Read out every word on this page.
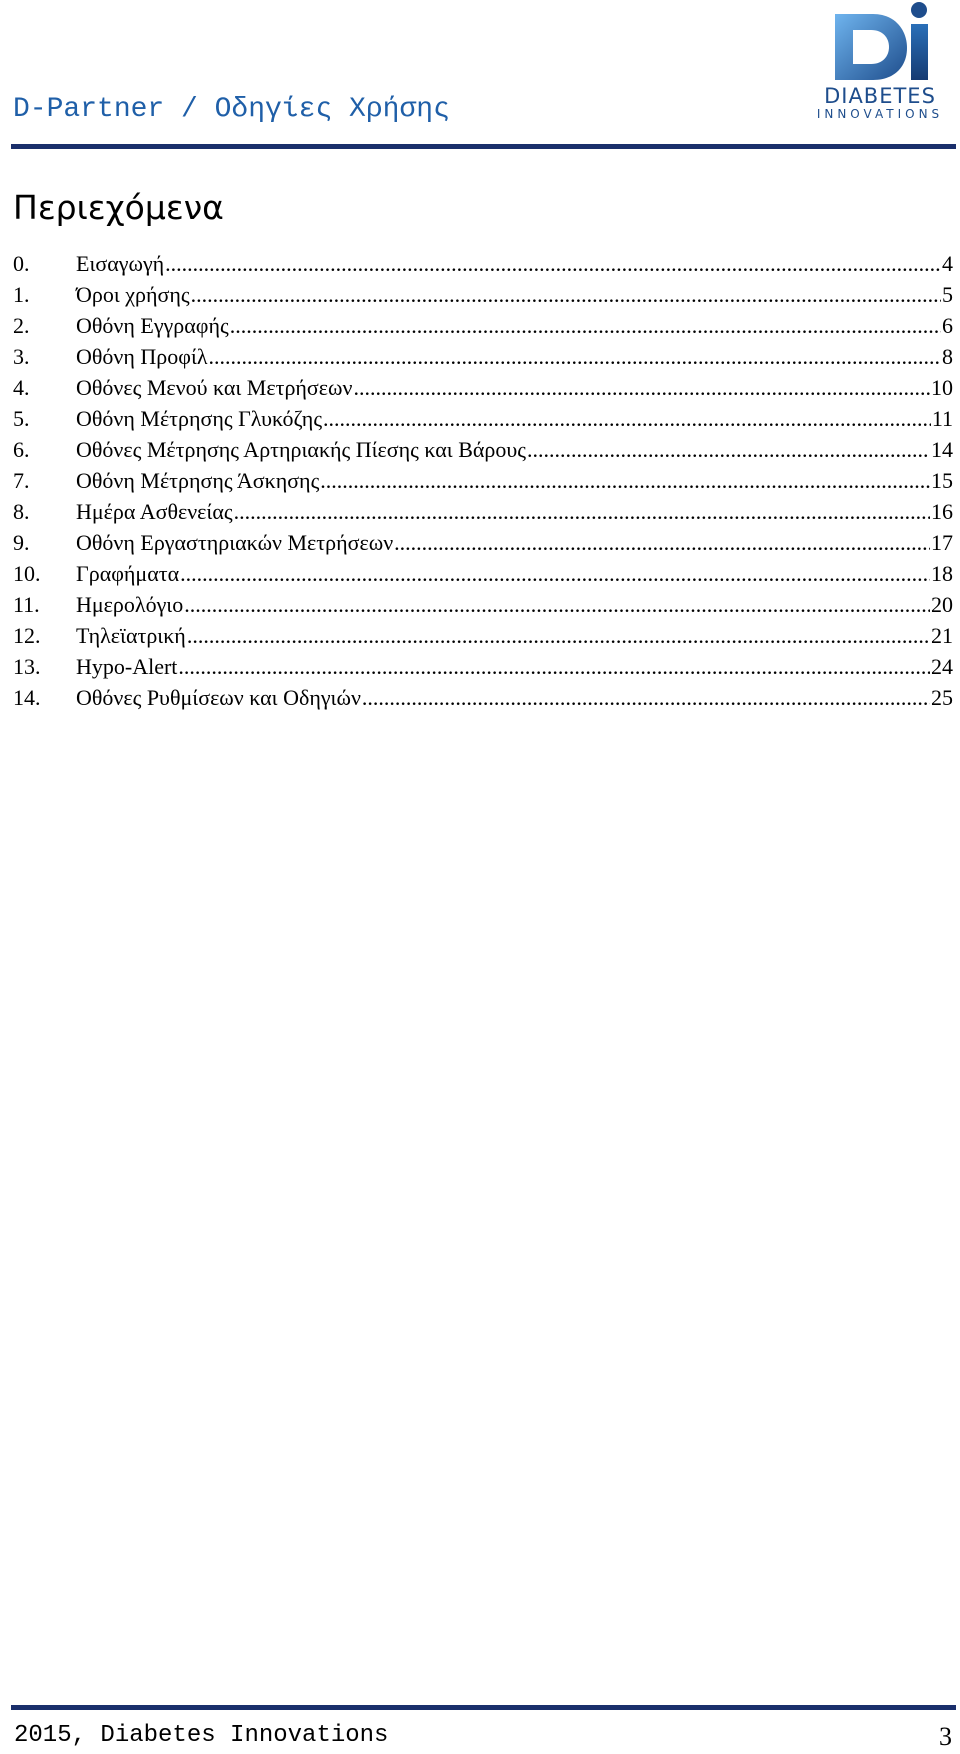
D-Partner / Οδηγίες Χρήσης	DIABETES
INNOVATIONS
Περιεχόμενα
0.	Εισαγωγή .....	4
1.	Όροι χρήσης .....	5
2.	Οθόνη Εγγραφής .....	6
3.	Οθόνη Προφίλ .....	8
4.	Οθόνες Μενού και Μετρήσεων .....	10
5.	Οθόνη Μέτρησης Γλυκόζης .....	11
6.	Οθόνες Μέτρησης Αρτηριακής Πίεσης και Βάρους .....	14
7.	Οθόνη Μέτρησης Άσκησης .....	15
8.	Ημέρα Ασθενείας .....	16
9.	Οθόνη Εργαστηριακών Μετρήσεων .....	17
10.	Γραφήματα .....	18
11.	Ημερολόγιο .....	20
12.	Τηλεϊατρική .....	21
13.	Hypo-Alert .....	24
14.	Οθόνες Ρυθμίσεων και Οδηγιών .....	25
2015, Diabetes Innovations	3
